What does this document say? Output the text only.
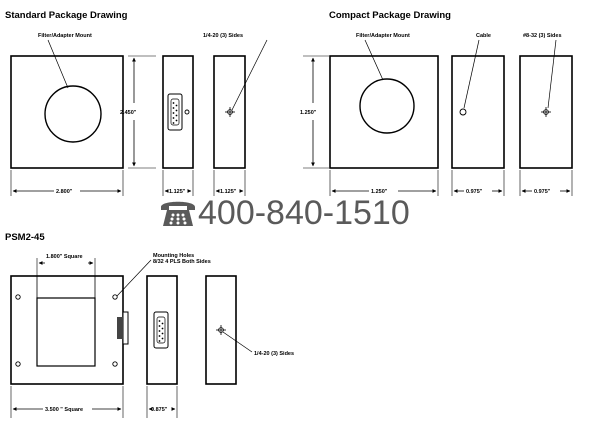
Standard Package Drawing
Filter/Adapter Mount
2.450"
2.800"	1.125"
1/4-20 (3) Sides
1.125"
Compact Package Drawing
Filter/Adapter Mount
1.250"
1.250"
Cable
0.975"
#8-32 (3) Sides
0.975"
PSM2-45
1.800" Square	Mounting Holes
8/32 4 PLS Both Sides
3.500 " Square	0.875"
1/4-20 (3) Sides
400-840-1510
